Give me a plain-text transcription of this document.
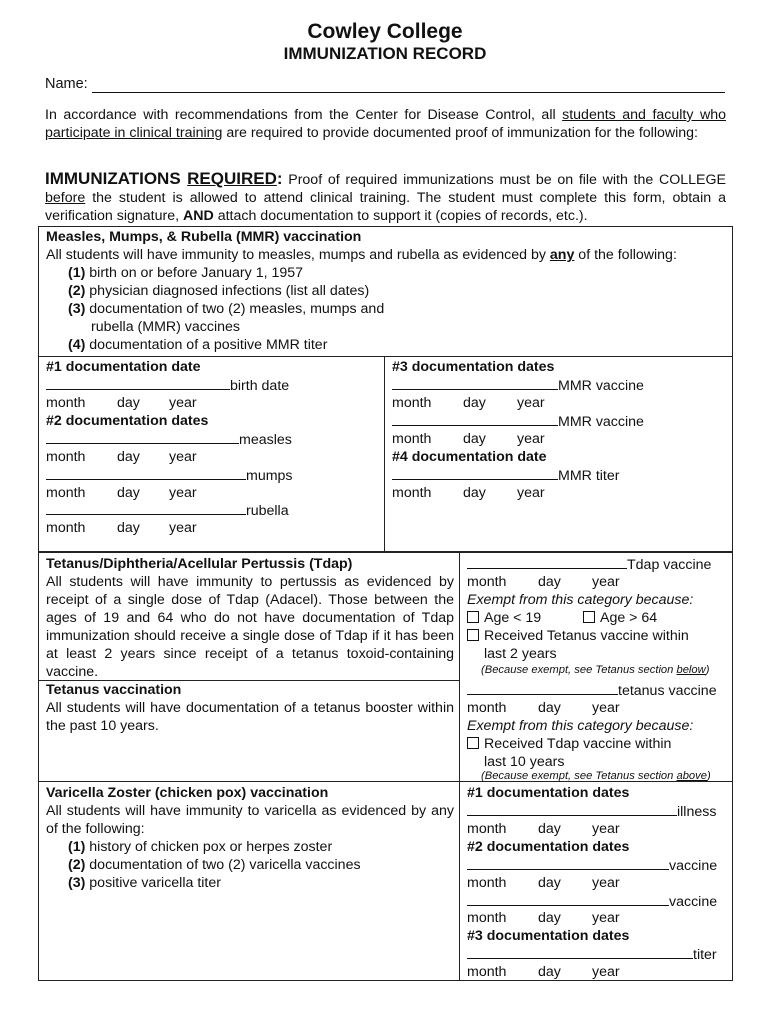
Cowley College
IMMUNIZATION RECORD
Name:
In accordance with recommendations from the Center for Disease Control, all students and faculty who participate in clinical training are required to provide documented proof of immunization for the following:
IMMUNIZATIONS REQUIRED: Proof of required immunizations must be on file with the COLLEGE before the student is allowed to attend clinical training. The student must complete this form, obtain a verification signature, AND attach documentation to support it (copies of records, etc.).
Measles, Mumps, & Rubella (MMR) vaccination
All students will have immunity to measles, mumps and rubella as evidenced by any of the following:
(1) birth on or before January 1, 1957
(2) physician diagnosed infections (list all dates)
(3) documentation of two (2) measles, mumps and
rubella (MMR) vaccines
(4) documentation of a positive MMR titer
#1 documentation date
birth date
month day year
#2 documentation dates
measles
month day year
mumps
month day year
rubella
month day year
#3 documentation dates
MMR vaccine
month day year
MMR vaccine
month day year
#4 documentation date
MMR titer
month day year
Tetanus/Diphtheria/Acellular Pertussis (Tdap)
All students will have immunity to pertussis as evidenced by receipt of a single dose of Tdap (Adacel). Those between the ages of 19 and 64 who do not have documentation of Tdap immunization should receive a single dose of Tdap if it has been at least 2 years since receipt of a tetanus toxoid-containing vaccine.
Tetanus vaccination
All students will have documentation of a tetanus booster within the past 10 years.
Tdap vaccine
month day year
Exempt from this category because:
Age < 19	Age > 64
Received Tetanus vaccine within
last 2 years
(Because exempt, see Tetanus section below)
tetanus vaccine
month day year
Exempt from this category because:
Received Tdap vaccine within
last 10 years
(Because exempt, see Tetanus section above)
Varicella Zoster (chicken pox) vaccination
All students will have immunity to varicella as evidenced by any of the following:
(1) history of chicken pox or herpes zoster
(2) documentation of two (2) varicella vaccines
(3) positive varicella titer
#1 documentation dates
illness
month day year
#2 documentation dates
vaccine
month day year
vaccine
month day year
#3 documentation dates
titer
month day year
